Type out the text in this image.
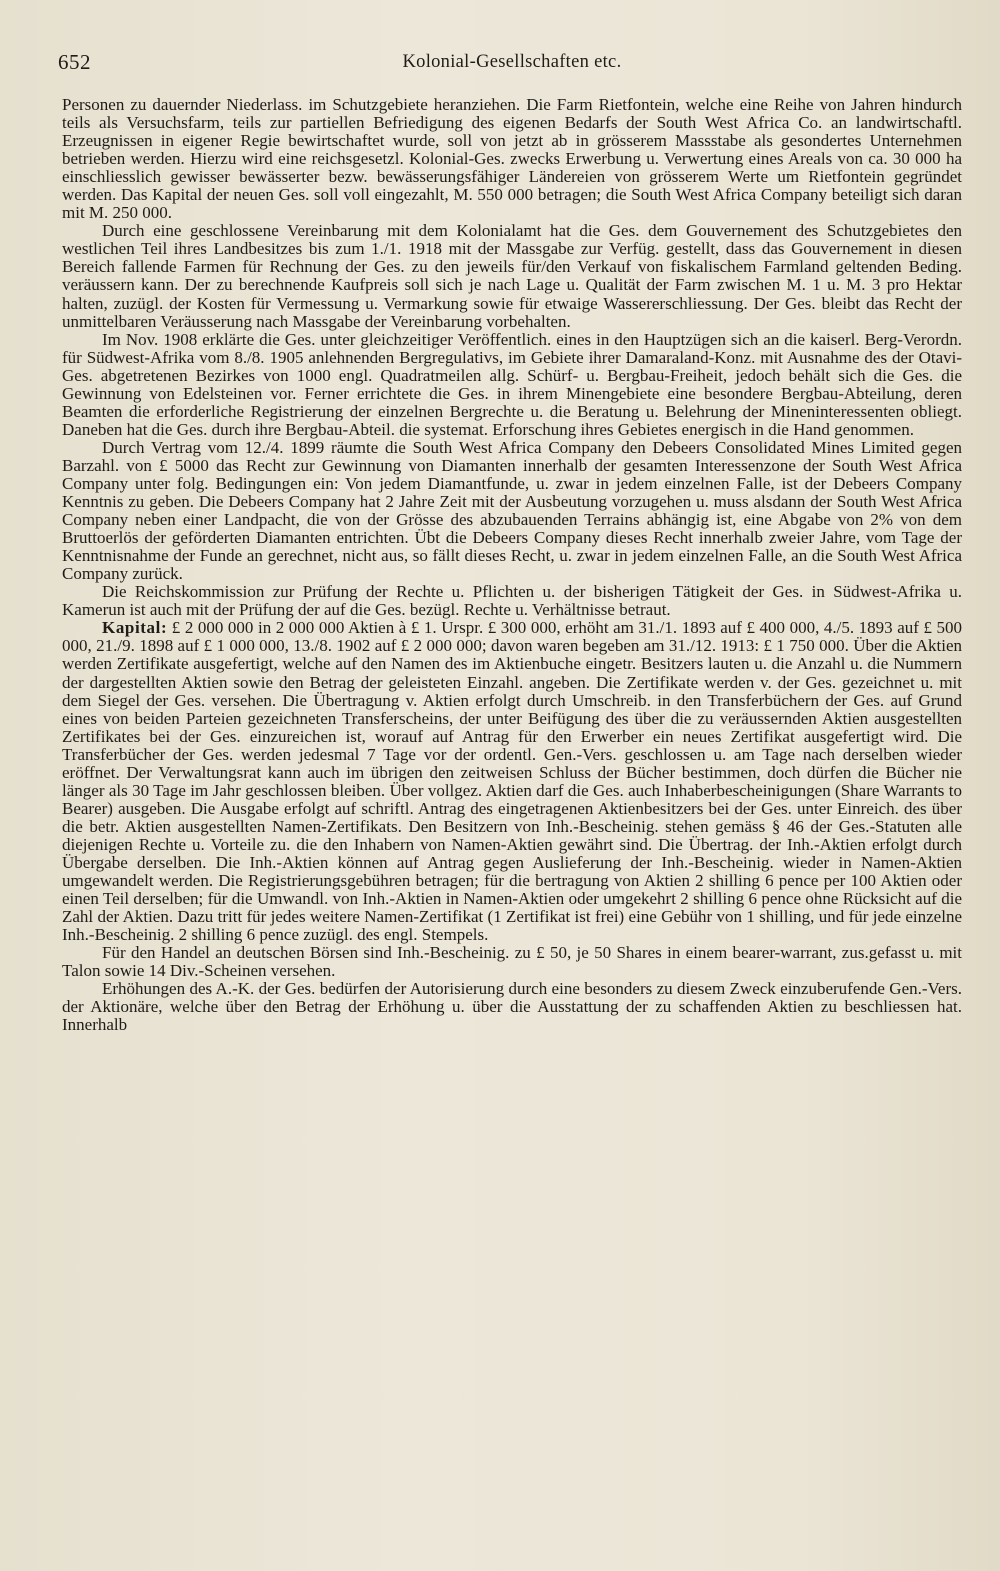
652	Kolonial-Gesellschaften etc.

Personen zu dauernder Niederlass. im Schutzgebiete heranziehen. Die Farm Rietfontein, welche eine Reihe von Jahren hindurch teils als Versuchsfarm, teils zur partiellen Befriedigung des eigenen Bedarfs der South West Africa Co. an landwirtschaftl. Erzeugnissen in eigener Regie bewirtschaftet wurde, soll von jetzt ab in grösserem Massstabe als gesondertes Unternehmen betrieben werden. Hierzu wird eine reichsgesetzl. Kolonial-Ges. zwecks Erwerbung u. Verwertung eines Areals von ca. 30 000 ha einschliesslich gewisser bewässerter bezw. bewässerungsfähiger Ländereien von grösserem Werte um Rietfontein gegründet werden. Das Kapital der neuen Ges. soll voll eingezahlt, M. 550 000 betragen; die South West Africa Company beteiligt sich daran mit M. 250 000.

Durch eine geschlossene Vereinbarung mit dem Kolonialamt hat die Ges. dem Gouvernement des Schutzgebietes den westlichen Teil ihres Landbesitzes bis zum 1./1. 1918 mit der Massgabe zur Verfüg. gestellt, dass das Gouvernement in diesen Bereich fallende Farmen für Rechnung der Ges. zu den jeweils für/den Verkauf von fiskalischem Farmland geltenden Beding. veräussern kann. Der zu berechnende Kaufpreis soll sich je nach Lage u. Qualität der Farm zwischen M. 1 u. M. 3 pro Hektar halten, zuzügl. der Kosten für Vermessung u. Vermarkung sowie für etwaige Wassererschliessung. Der Ges. bleibt das Recht der unmittelbaren Veräusserung nach Massgabe der Vereinbarung vorbehalten.

Im Nov. 1908 erklärte die Ges. unter gleichzeitiger Veröffentlich. eines in den Hauptzügen sich an die kaiserl. Berg-Verordn. für Südwest-Afrika vom 8./8. 1905 anlehnenden Bergregulativs, im Gebiete ihrer Damaraland-Konz. mit Ausnahme des der Otavi-Ges. abgetretenen Bezirkes von 1000 engl. Quadratmeilen allg. Schürf- u. Bergbau-Freiheit, jedoch behält sich die Ges. die Gewinnung von Edelsteinen vor. Ferner errichtete die Ges. in ihrem Minengebiete eine besondere Bergbau-Abteilung, deren Beamten die erforderliche Registrierung der einzelnen Bergrechte u. die Beratung u. Belehrung der Mineninteressenten obliegt. Daneben hat die Ges. durch ihre Bergbau-Abteil. die systemat. Erforschung ihres Gebietes energisch in die Hand genommen.

Durch Vertrag vom 12./4. 1899 räumte die South West Africa Company den Debeers Consolidated Mines Limited gegen Barzahl. von £ 5000 das Recht zur Gewinnung von Diamanten innerhalb der gesamten Interessenzone der South West Africa Company unter folg. Bedingungen ein: Von jedem Diamantfunde, u. zwar in jedem einzelnen Falle, ist der Debeers Company Kenntnis zu geben. Die Debeers Company hat 2 Jahre Zeit mit der Ausbeutung vorzugehen u. muss alsdann der South West Africa Company neben einer Landpacht, die von der Grösse des abzubauenden Terrains abhängig ist, eine Abgabe von 2% von dem Bruttoerlös der geförderten Diamanten entrichten. Übt die Debeers Company dieses Recht innerhalb zweier Jahre, vom Tage der Kenntnisnahme der Funde an gerechnet, nicht aus, so fällt dieses Recht, u. zwar in jedem einzelnen Falle, an die South West Africa Company zurück.

Die Reichskommission zur Prüfung der Rechte u. Pflichten u. der bisherigen Tätigkeit der Ges. in Südwest-Afrika u. Kamerun ist auch mit der Prüfung der auf die Ges. bezügl. Rechte u. Verhältnisse betraut.

Kapital: £ 2 000 000 in 2 000 000 Aktien à £ 1. Urspr. £ 300 000, erhöht am 31./1. 1893 auf £ 400 000, 4./5. 1893 auf £ 500 000, 21./9. 1898 auf £ 1 000 000, 13./8. 1902 auf £ 2 000 000; davon waren begeben am 31./12. 1913: £ 1 750 000. Über die Aktien werden Zertifikate ausgefertigt, welche auf den Namen des im Aktienbuche eingetr. Besitzers lauten u. die Anzahl u. die Nummern der dargestellten Aktien sowie den Betrag der geleisteten Einzahl. angeben. Die Zertifikate werden v. der Ges. gezeichnet u. mit dem Siegel der Ges. versehen. Die Übertragung v. Aktien erfolgt durch Umschreib. in den Transferbüchern der Ges. auf Grund eines von beiden Parteien gezeichneten Transferscheins, der unter Beifügung des über die zu veräussernden Aktien ausgestellten Zertifikates bei der Ges. einzureichen ist, worauf auf Antrag für den Erwerber ein neues Zertifikat ausgefertigt wird. Die Transferbücher der Ges. werden jedesmal 7 Tage vor der ordentl. Gen.-Vers. geschlossen u. am Tage nach derselben wieder eröffnet. Der Verwaltungsrat kann auch im übrigen den zeitweisen Schluss der Bücher bestimmen, doch dürfen die Bücher nie länger als 30 Tage im Jahr geschlossen bleiben. Über vollgez. Aktien darf die Ges. auch Inhaberbescheinigungen (Share Warrants to Bearer) ausgeben. Die Ausgabe erfolgt auf schriftl. Antrag des eingetragenen Aktienbesitzers bei der Ges. unter Einreich. des über die betr. Aktien ausgestellten Namen-Zertifikats. Den Besitzern von Inh.-Bescheinig. stehen gemäss § 46 der Ges.-Statuten alle diejenigen Rechte u. Vorteile zu. die den Inhabern von Namen-Aktien gewährt sind. Die Übertrag. der Inh.-Aktien erfolgt durch Übergabe derselben. Die Inh.-Aktien können auf Antrag gegen Auslieferung der Inh.-Bescheinig. wieder in Namen-Aktien umgewandelt werden. Die Registrierungsgebühren betragen; für die bertragung von Aktien 2 shilling 6 pence per 100 Aktien oder einen Teil derselben; für die Umwandl. von Inh.-Aktien in Namen-Aktien oder umgekehrt 2 shilling 6 pence ohne Rücksicht auf die Zahl der Aktien. Dazu tritt für jedes weitere Namen-Zertifikat (1 Zertifikat ist frei) eine Gebühr von 1 shilling, und für jede einzelne Inh.-Bescheinig. 2 shilling 6 pence zuzügl. des engl. Stempels.

Für den Handel an deutschen Börsen sind Inh.-Bescheinig. zu £ 50, je 50 Shares in einem bearer-warrant, zus.gefasst u. mit Talon sowie 14 Div.-Scheinen versehen.

Erhöhungen des A.-K. der Ges. bedürfen der Autorisierung durch eine besonders zu diesem Zweck einzuberufende Gen.-Vers. der Aktionäre, welche über den Betrag der Erhöhung u. über die Ausstattung der zu schaffenden Aktien zu beschliessen hat. Innerhalb
